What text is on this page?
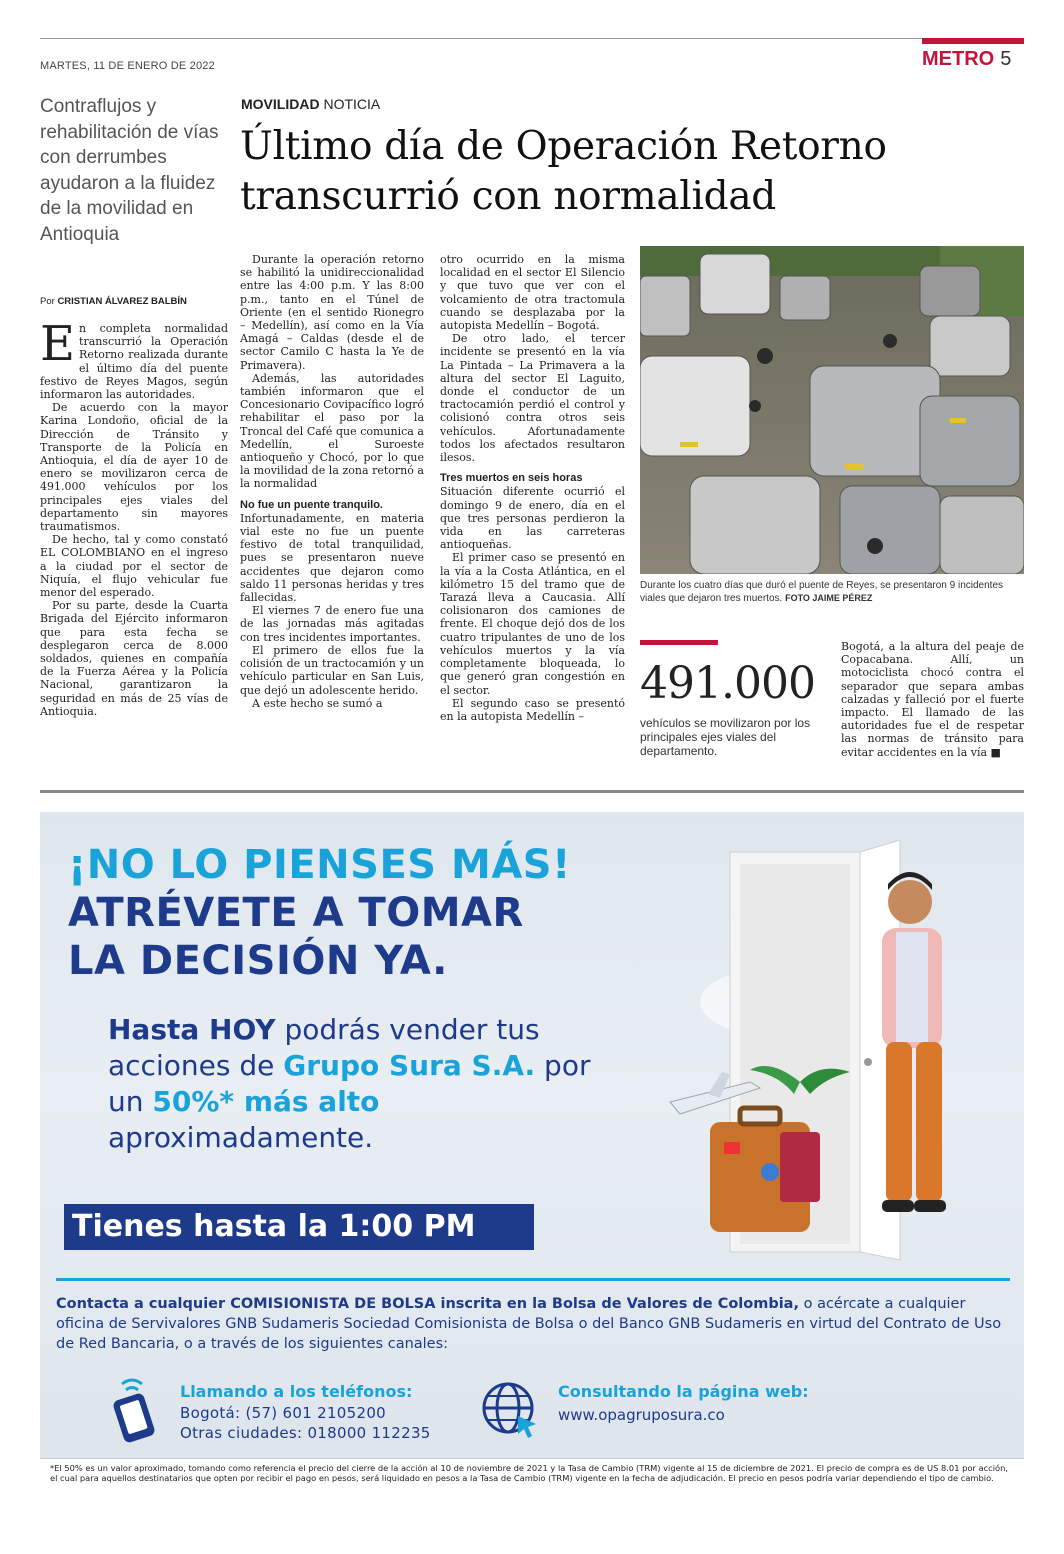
MARTES, 11 DE ENERO DE 2022	METRO 5
Contraflujos y rehabilitación de vías con derrumbes ayudaron a la fluidez de la movilidad en Antioquia
Por CRISTIAN ÁLVAREZ BALBÍN
MOVILIDAD NOTICIA
Último día de Operación Retorno transcurrió con normalidad
E n completa normalidad transcurrió la Operación Retorno realizada durante el último día del puente festivo de Reyes Magos, según informaron las autoridades.

De acuerdo con la mayor Karina Londoño, oficial de la Dirección de Tránsito y Transporte de la Policía en Antioquia, el día de ayer 10 de enero se movilizaron cerca de 491.000 vehículos por los principales ejes viales del departamento sin mayores traumatismos.

De hecho, tal y como constató EL COLOMBIANO en el ingreso a la ciudad por el sector de Niquía, el flujo vehicular fue menor del esperado.

Por su parte, desde la Cuarta Brigada del Ejército informaron que para esta fecha se desplegaron cerca de 8.000 soldados, quienes en compañía de la Fuerza Aérea y la Policía Nacional, garantizaron la seguridad en más de 25 vías de Antioquia.

Durante la operación retorno se habilitó la unidireccionalidad entre las 4:00 p.m. Y las 8:00 p.m., tanto en el Túnel de Oriente (en el sentido Rionegro – Medellín), así como en la Vía Amagá – Caldas (desde el de sector Camilo C hasta la Ye de Primavera).

Además, las autoridades también informaron que el Concesionario Covipacífico logró rehabilitar el paso por la Troncal del Café que comunica a Medellín, el Suroeste antioqueño y Chocó, por lo que la movilidad de la zona retornó a la normalidad

No fue un puente tranquilo.

Infortunadamente, en materia vial este no fue un puente festivo de total tranquilidad, pues se presentaron nueve accidentes que dejaron como saldo 11 personas heridas y tres fallecidas.

El viernes 7 de enero fue una de las jornadas más agitadas con tres incidentes importantes.

El primero de ellos fue la colisión de un tractocamión y un vehículo particular en San Luis, que dejó un adolescente herido.

A este hecho se sumó a

otro ocurrido en la misma localidad en el sector El Silencio y que tuvo que ver con el volcamiento de otra tractomula cuando se desplazaba por la autopista Medellín – Bogotá.

De otro lado, el tercer incidente se presentó en la vía La Pintada – La Primavera a la altura del sector El Laguito, donde el conductor de un tractocamión perdió el control y colisionó contra otros seis vehículos. Afortunadamente todos los afectados resultaron ilesos.

Tres muertos en seis horas

Situación diferente ocurrió el domingo 9 de enero, día en el que tres personas perdieron la vida en las carreteras antioqueñas.

El primer caso se presentó en la vía a la Costa Atlántica, en el kilómetro 15 del tramo que de Tarazá lleva a Caucasia. Allí colisionaron dos camiones de frente. El choque dejó dos de los cuatro tripulantes de uno de los vehículos muertos y la vía completamente bloqueada, lo que generó gran congestión en el sector.

El segundo caso se presentó en la autopista Medellín –

Durante los cuatro días que duró el puente de Reyes, se presentaron 9 incidentes viales que dejaron tres muertos. FOTO JAIME PÉREZ
491.000
vehículos se movilizaron por los principales ejes viales del departamento.

Bogotá, a la altura del peaje de Copacabana. Allí, un motociclista chocó contra el separador que separa ambas calzadas y falleció por el fuerte impacto. El llamado de las autoridades fue el de respetar las normas de tránsito para evitar accidentes en la vía ■

¡NO LO PIENSES MÁS!
ATRÉVETE A TOMAR
LA DECISIÓN YA.
Hasta HOY podrás vender tus acciones de Grupo Sura S.A. por un 50%* más alto aproximadamente.
Tienes hasta la 1:00 PM
Contacta a cualquier COMISIONISTA DE BOLSA inscrita en la Bolsa de Valores de Colombia, o acércate a cualquier oficina de Servivalores GNB Sudameris Sociedad Comisionista de Bolsa o del Banco GNB Sudameris en virtud del Contrato de Uso de Red Bancaria, o a través de los siguientes canales:
Llamando a los teléfonos:
Bogotá: (57) 601 2105200
Otras ciudades: 018000 112235
Consultando la página web:
www.opagruposura.co
*El 50% es un valor aproximado, tomando como referencia el precio del cierre de la acción al 10 de noviembre de 2021 y la Tasa de Cambio (TRM) vigente al 15 de diciembre de 2021. El precio de compra es de US 8.01 por acción, el cual para aquellos destinatarios que opten por recibir el pago en pesos, será liquidado en pesos a la Tasa de Cambio (TRM) vigente en la fecha de adjudicación. El precio en pesos podría variar dependiendo el tipo de cambio.
